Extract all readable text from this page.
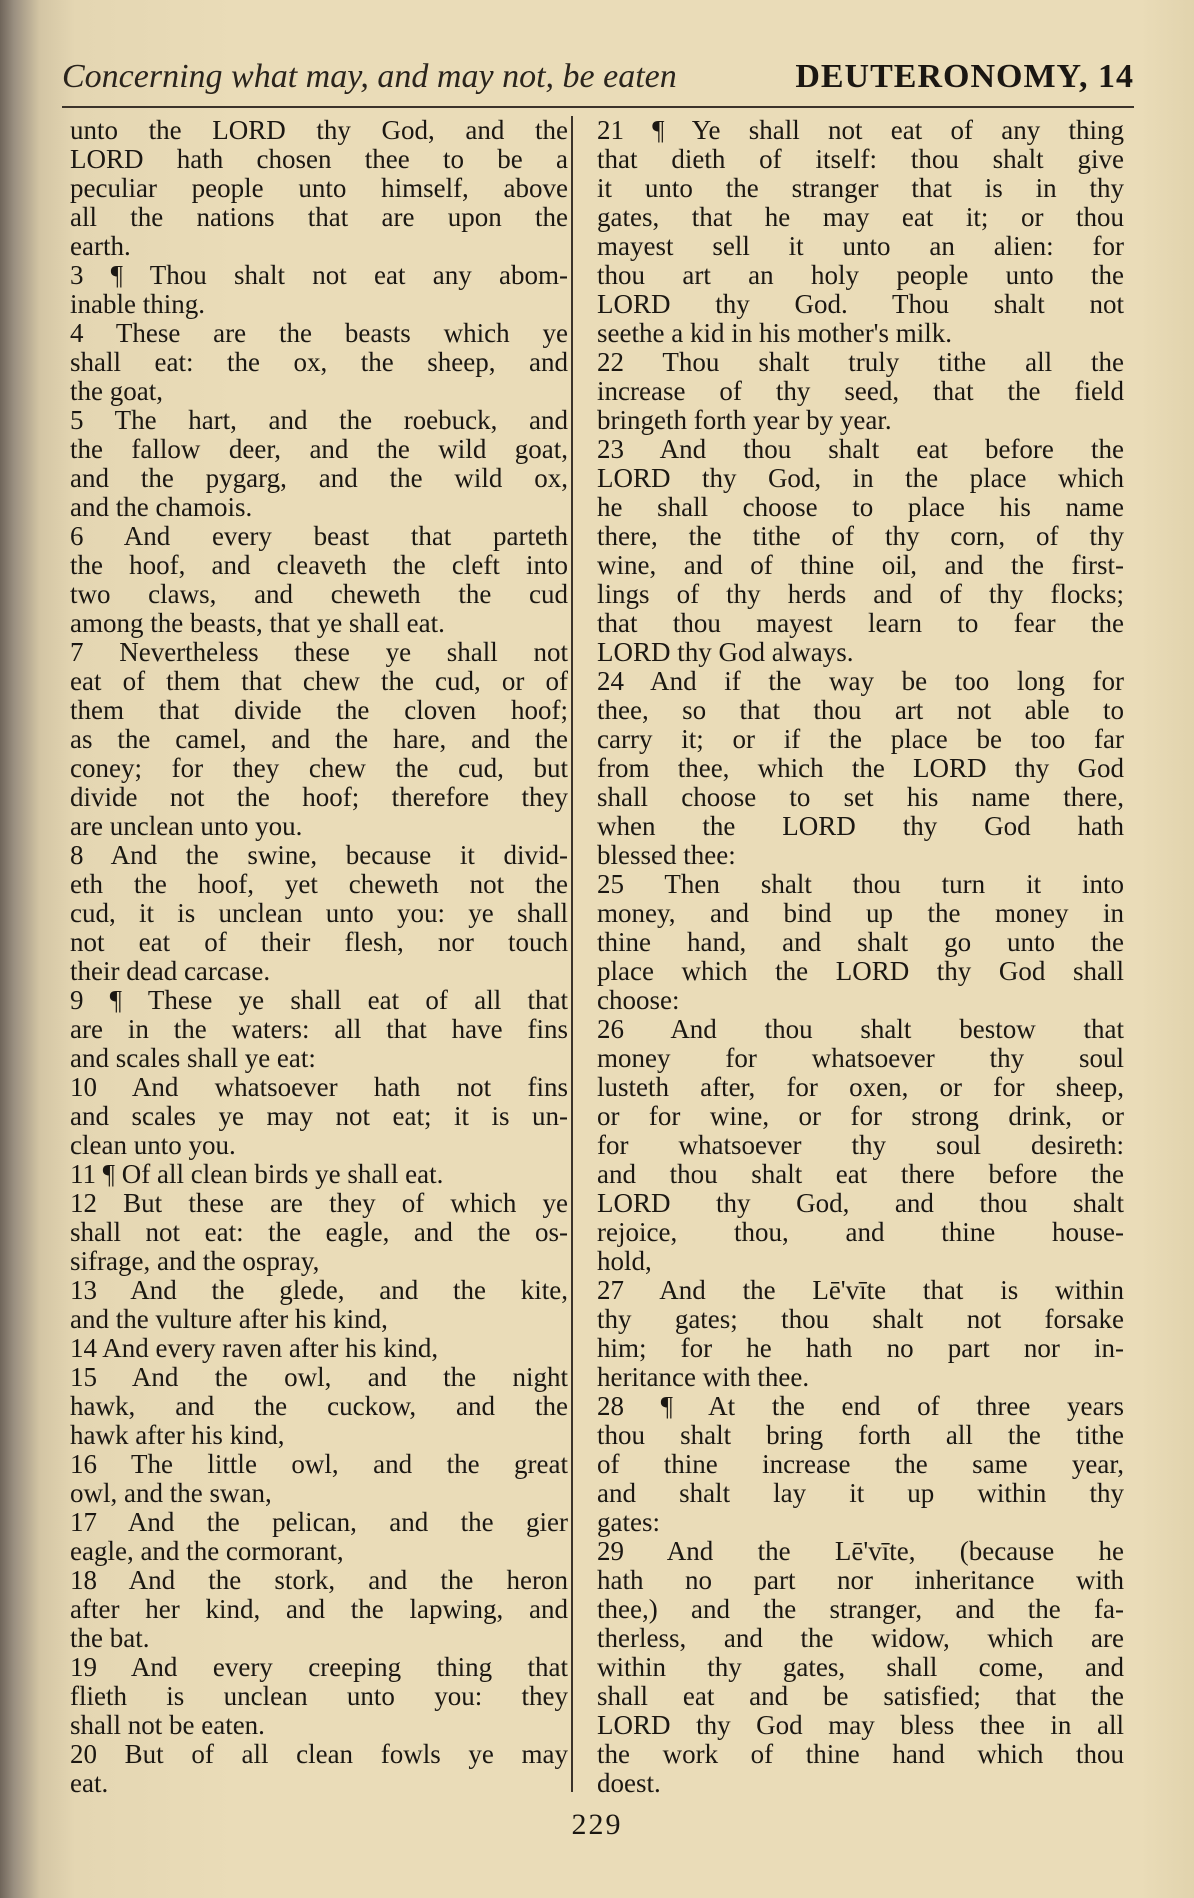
Concerning what may, and may not, be eaten	DEUTERONOMY, 14
unto the LORD thy God, and the
LORD hath chosen thee to be a
peculiar people unto himself, above
all the nations that are upon the
earth.
3 ¶ Thou shalt not eat any abom-
inable thing.
4 These are the beasts which ye
shall eat: the ox, the sheep, and
the goat,
5 The hart, and the roebuck, and
the fallow deer, and the wild goat,
and the pygarg, and the wild ox,
and the chamois.
6 And every beast that parteth
the hoof, and cleaveth the cleft into
two claws, and cheweth the cud
among the beasts, that ye shall eat.
7 Nevertheless these ye shall not
eat of them that chew the cud, or of
them that divide the cloven hoof;
as the camel, and the hare, and the
coney; for they chew the cud, but
divide not the hoof; therefore they
are unclean unto you.
8 And the swine, because it divid-
eth the hoof, yet cheweth not the
cud, it is unclean unto you: ye shall
not eat of their flesh, nor touch
their dead carcase.
9 ¶ These ye shall eat of all that
are in the waters: all that have fins
and scales shall ye eat:
10 And whatsoever hath not fins
and scales ye may not eat; it is un-
clean unto you.
11 ¶ Of all clean birds ye shall eat.
12 But these are they of which ye
shall not eat: the eagle, and the os-
sifrage, and the ospray,
13 And the glede, and the kite,
and the vulture after his kind,
14 And every raven after his kind,
15 And the owl, and the night
hawk, and the cuckow, and the
hawk after his kind,
16 The little owl, and the great
owl, and the swan,
17 And the pelican, and the gier
eagle, and the cormorant,
18 And the stork, and the heron
after her kind, and the lapwing, and
the bat.
19 And every creeping thing that
flieth is unclean unto you: they
shall not be eaten.
20 But of all clean fowls ye may
eat.
21 ¶ Ye shall not eat of any thing
that dieth of itself: thou shalt give
it unto the stranger that is in thy
gates, that he may eat it; or thou
mayest sell it unto an alien: for
thou art an holy people unto the
LORD thy God. Thou shalt not
seethe a kid in his mother's milk.
22 Thou shalt truly tithe all the
increase of thy seed, that the field
bringeth forth year by year.
23 And thou shalt eat before the
LORD thy God, in the place which
he shall choose to place his name
there, the tithe of thy corn, of thy
wine, and of thine oil, and the first-
lings of thy herds and of thy flocks;
that thou mayest learn to fear the
LORD thy God always.
24 And if the way be too long for
thee, so that thou art not able to
carry it; or if the place be too far
from thee, which the LORD thy God
shall choose to set his name there,
when the LORD thy God hath
blessed thee:
25 Then shalt thou turn it into
money, and bind up the money in
thine hand, and shalt go unto the
place which the LORD thy God shall
choose:
26 And thou shalt bestow that
money for whatsoever thy soul
lusteth after, for oxen, or for sheep,
or for wine, or for strong drink, or
for whatsoever thy soul desireth:
and thou shalt eat there before the
LORD thy God, and thou shalt
rejoice, thou, and thine house-
hold,
27 And the Lē'vīte that is within
thy gates; thou shalt not forsake
him; for he hath no part nor in-
heritance with thee.
28 ¶ At the end of three years
thou shalt bring forth all the tithe
of thine increase the same year,
and shalt lay it up within thy
gates:
29 And the Lē'vīte, (because he
hath no part nor inheritance with
thee,) and the stranger, and the fa-
therless, and the widow, which are
within thy gates, shall come, and
shall eat and be satisfied; that the
LORD thy God may bless thee in all
the work of thine hand which thou
doest.
229
